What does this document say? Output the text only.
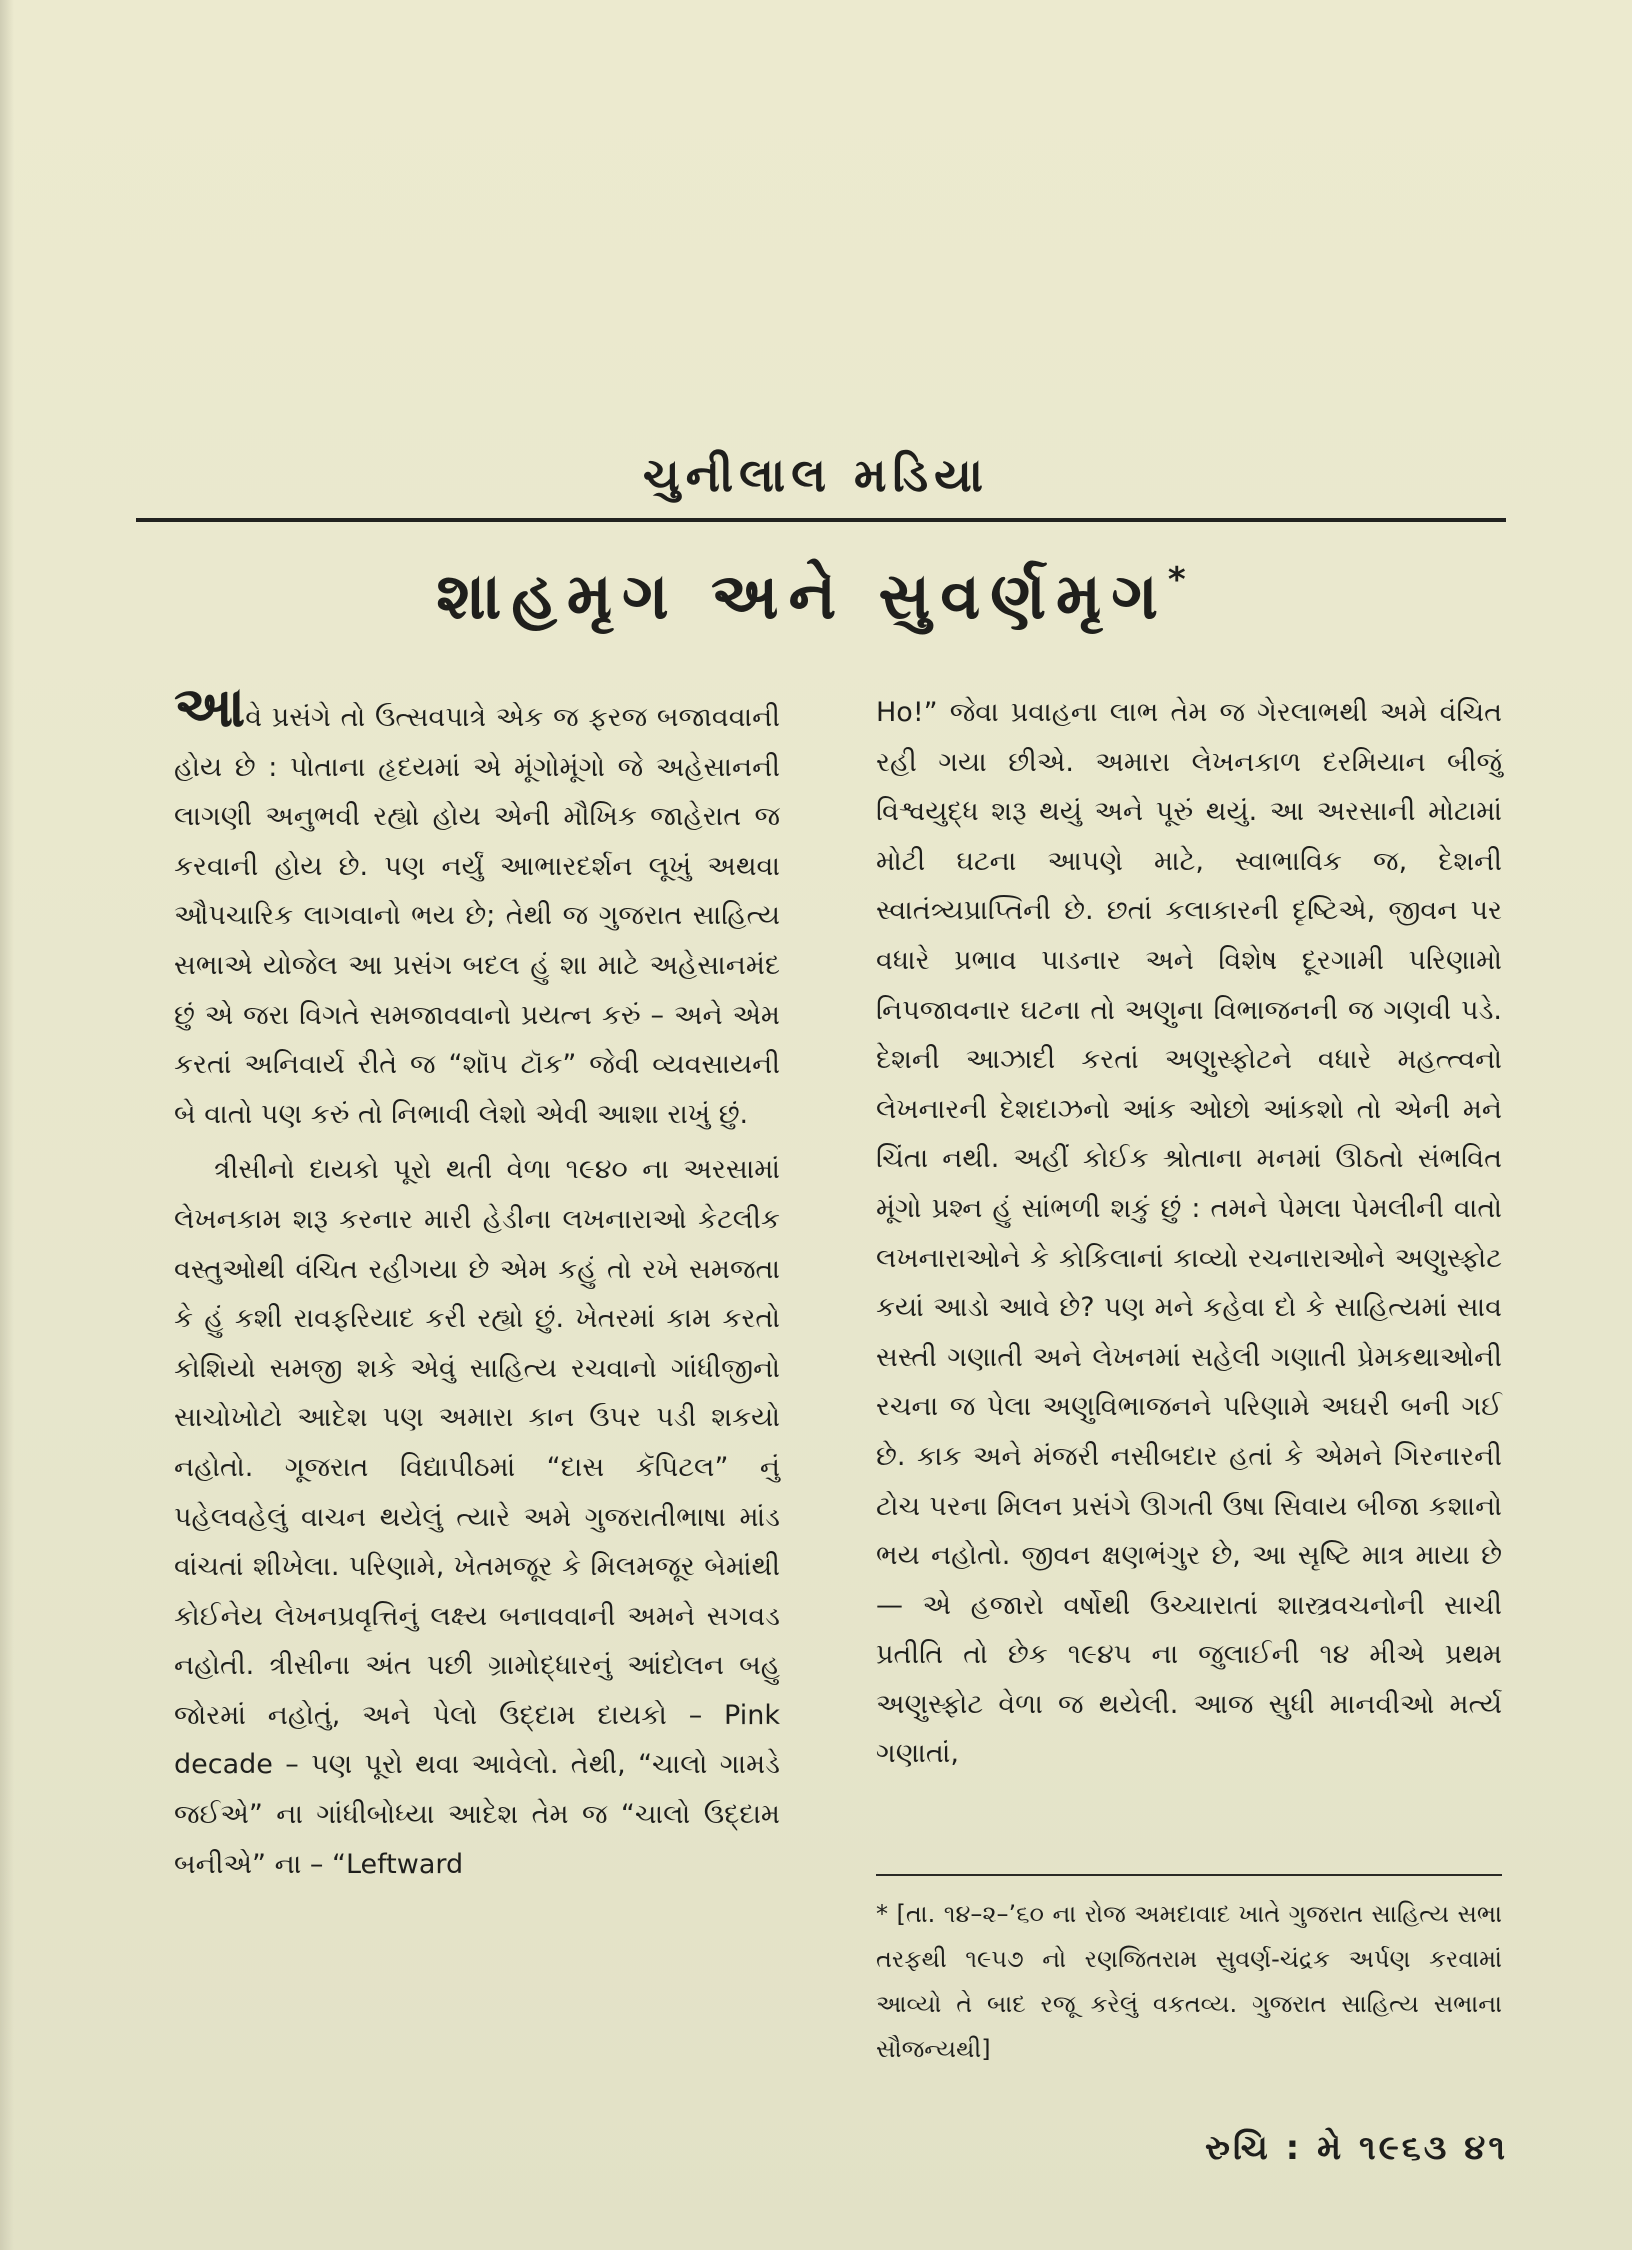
ચુનીલાલ મડિયા
શાહમૃગ અને સુવર્ણમૃગ*

આવે પ્રસંગે તો ઉત્સવપાત્રે એક જ ફરજ બજાવવાની હોય છે : પોતાના હૃદયમાં એ મૂંગોમૂંગો જે અહેસાનની લાગણી અનુભવી રહ્યો હોય એની મૌખિક જાહેરાત જ કરવાની હોય છે. પણ નર્યું આભારદર્શન લૂખું અથવા ઔપચારિક લાગવાનો ભય છે; તેથી જ ગુજરાત સાહિત્ય સભાએ યોજેલ આ પ્રસંગ બદલ હું શા માટે અહેસાનમંદ છું એ જરા વિગતે સમજાવવાનો પ્રયત્ન કરું – અને એમ કરતાં અનિવાર્ય રીતે જ “શૉપ ટૉક” જેવી વ્યવસાયની બે વાતો પણ કરું તો નિભાવી લેશો એવી આશા રાખું છું.

ત્રીસીનો દાયકો પૂરો થતી વેળા ૧૯૪૦ ના અરસામાં લેખનકામ શરૂ કરનાર મારી હેડીના લખનારાઓ કેટલીક વસ્તુઓથી વંચિત રહીગયા છે એમ કહું તો રખે સમજતા કે હું કશી રાવફરિયાદ કરી રહ્યો છું. ખેતરમાં કામ કરતો કોશિયો સમજી શકે એવું સાહિત્ય રચવાનો ગાંધીજીનો સાચોખોટો આદેશ પણ અમારા કાન ઉપર પડી શકયો નહોતો. ગૂજરાત વિદ્યાપીઠમાં “દાસ કૅપિટલ” નું પહેલવહેલું વાચન થયેલું ત્યારે અમે ગુજરાતીભાષા માંડ વાંચતાં શીખેલા. પરિણામે, ખેતમજૂર કે મિલમજૂર બેમાંથી કોઈનેય લેખનપ્રવૃત્તિનું લક્ષ્ય બનાવવાની અમને સગવડ નહોતી. ત્રીસીના અંત પછી ગ્રામોદ્ધારનું આંદોલન બહુ જોરમાં નહોતું, અને પેલો ઉદ્દામ દાયકો – Pink decade – પણ પૂરો થવા આવેલો. તેથી, “ચાલો ગામડે જઈએ” ના ગાંધીબોધ્યા આદેશ તેમ જ “ચાલો ઉદ્દામ બનીએ” ના – “Leftward

Ho!” જેવા પ્રવાહના લાભ તેમ જ ગેરલાભથી અમે વંચિત રહી ગયા છીએ. અમારા લેખનકાળ દરમિયાન બીજું વિશ્વયુદ્ધ શરૂ થયું અને પૂરું થયું. આ અરસાની મોટામાં મોટી ઘટના આપણે માટે, સ્વાભાવિક જ, દેશની સ્વાતંત્ર્યપ્રાપ્તિની છે. છતાં કલાકારની દૃષ્ટિએ, જીવન પર વધારે પ્રભાવ પાડનાર અને વિશેષ દૂરગામી પરિણામો નિપજાવનાર ઘટના તો અણુના વિભાજનની જ ગણવી પડે. દેશની આઝાદી કરતાં અણુસ્ફોટને વધારે મહત્ત્વનો લેખનારની દેશદાઝનો આંક ઓછો આંકશો તો એની મને ચિંતા નથી. અહીં કોઈક શ્રોતાના મનમાં ઊઠતો સંભવિત મૂંગો પ્રશ્ન હું સાંભળી શકું છું : તમને પેમલા પેમલીની વાતો લખનારાઓને કે કોકિલાનાં કાવ્યો રચનારાઓને અણુસ્ફોટ કયાં આડો આવે છે? પણ મને કહેવા દો કે સાહિત્યમાં સાવ સસ્તી ગણાતી અને લેખનમાં સહેલી ગણાતી પ્રેમકથાઓની રચના જ પેલા અણુવિભાજનને પરિણામે અઘરી બની ગઈ છે. કાક અને મંજરી નસીબદાર હતાં કે એમને ગિરનારની ટોચ પરના મિલન પ્રસંગે ઊગતી ઉષા સિવાય બીજા કશાનો ભય નહોતો. જીવન ક્ષણભંગુર છે, આ સૃષ્ટિ માત્ર માયા છે — એ હજારો વર્ષોથી ઉચ્ચારાતાં શાસ્ત્રવચનોની સાચી પ્રતીતિ તો છેક ૧૯૪૫ ના જુલાઈની ૧૪ મીએ પ્રથમ અણુસ્ફોટ વેળા જ થયેલી. આજ સુધી માનવીઓ મર્ત્ય ગણાતાં,

* [તા. ૧૪–૨–’૬૦ ના રોજ અમદાવાદ ખાતે ગુજરાત સાહિત્ય સભા તરફથી ૧૯૫૭ નો રણજિતરામ સુવર્ણ-ચંદ્રક અર્પણ કરવામાં આવ્યો તે બાદ રજૂ કરેલું વકતવ્ય. ગુજરાત સાહિત્ય સભાના સૌજન્યથી]
રુચિ : મે ૧૯૬૩ ૪૧
